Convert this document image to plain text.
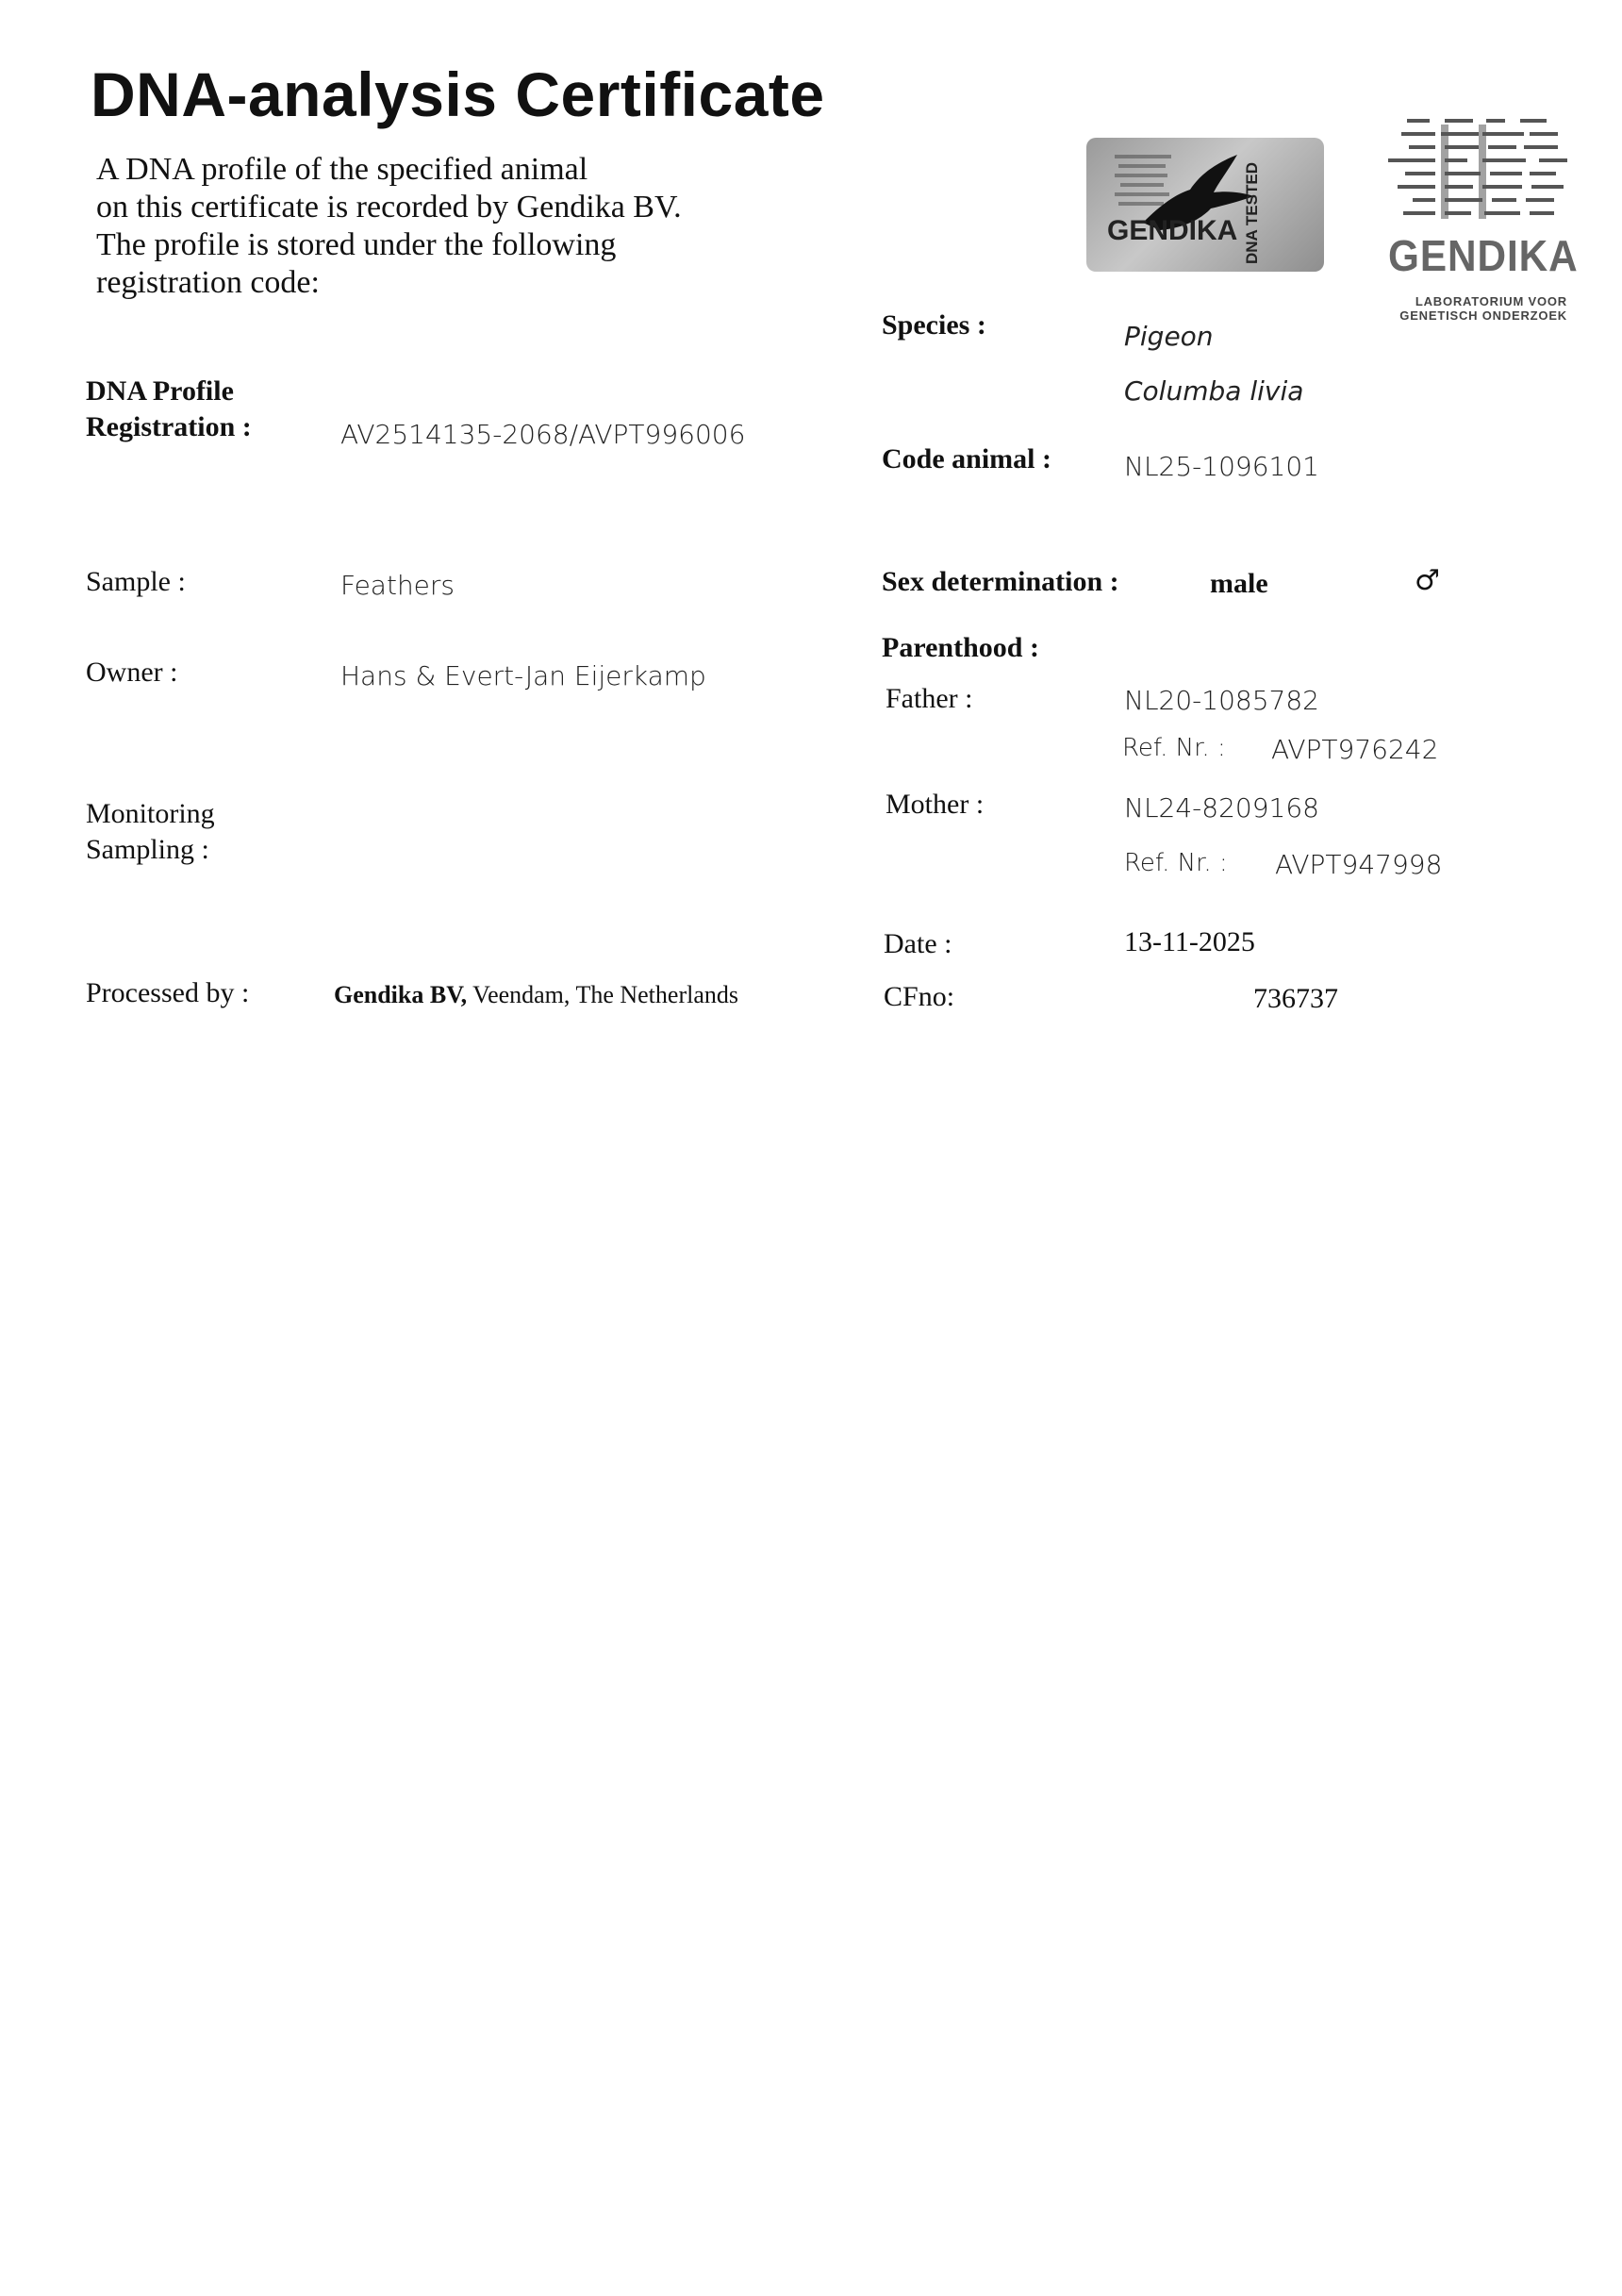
DNA-analysis Certificate
A DNA profile of the specified animal
on this certificate is recorded by Gendika BV.
The profile is stored under the following
registration code:
GENDIKA DNA TESTED	GENDIKA
LABORATORIUM VOOR
GENETISCH ONDERZOEK
DNA Profile
Registration :	AV2514135-2068/AVPT996006
Species :	Pigeon
Columba livia
Code animal :	NL25-1096101
Sample :	Feathers	Sex determination :	male	♂
Owner :	Hans & Evert-Jan Eijerkamp
Parenthood :
Father :	NL20-1085782
Ref. Nr. : AVPT976242
Mother :	NL24-8209168
Ref. Nr. : AVPT947998
Monitoring
Sampling :
Date :	13-11-2025
Processed by :	Gendika BV, Veendam, The Netherlands	CFno:	736737
